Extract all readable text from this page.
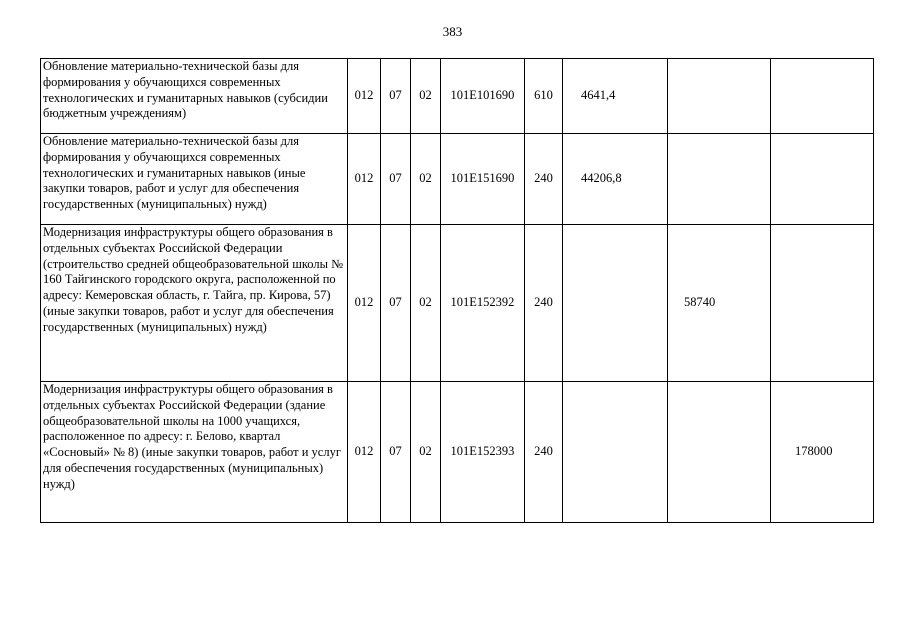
383
Обновление материально-технической базы для формирования у обучающихся современных технологических и гуманитарных навыков (субсидии бюджетным учреждениям)	012	07	02	101Е101690	610	4641,4		
Обновление материально-технической базы для формирования у обучающихся современных технологических и гуманитарных навыков (иные закупки товаров, работ и услуг для обеспечения государственных (муниципальных) нужд)	012	07	02	101Е151690	240	44206,8		
Модернизация инфраструктуры общего образования в отдельных субъектах Российской Федерации (строительство средней общеобразовательной школы № 160 Тайгинского городского округа, расположенной по адресу: Кемеровская область, г. Тайга, пр. Кирова, 57) (иные закупки товаров, работ и услуг для обеспечения государственных (муниципальных) нужд)	012	07	02	101Е152392	240		58740	
Модернизация инфраструктуры общего образования в отдельных субъектах Российской Федерации (здание общеобразовательной школы на 1000 учащихся, расположенное по адресу: г. Белово, квартал «Сосновый» № 8) (иные закупки товаров, работ и услуг для обеспечения государственных (муниципальных) нужд)	012	07	02	101Е152393	240			178000
